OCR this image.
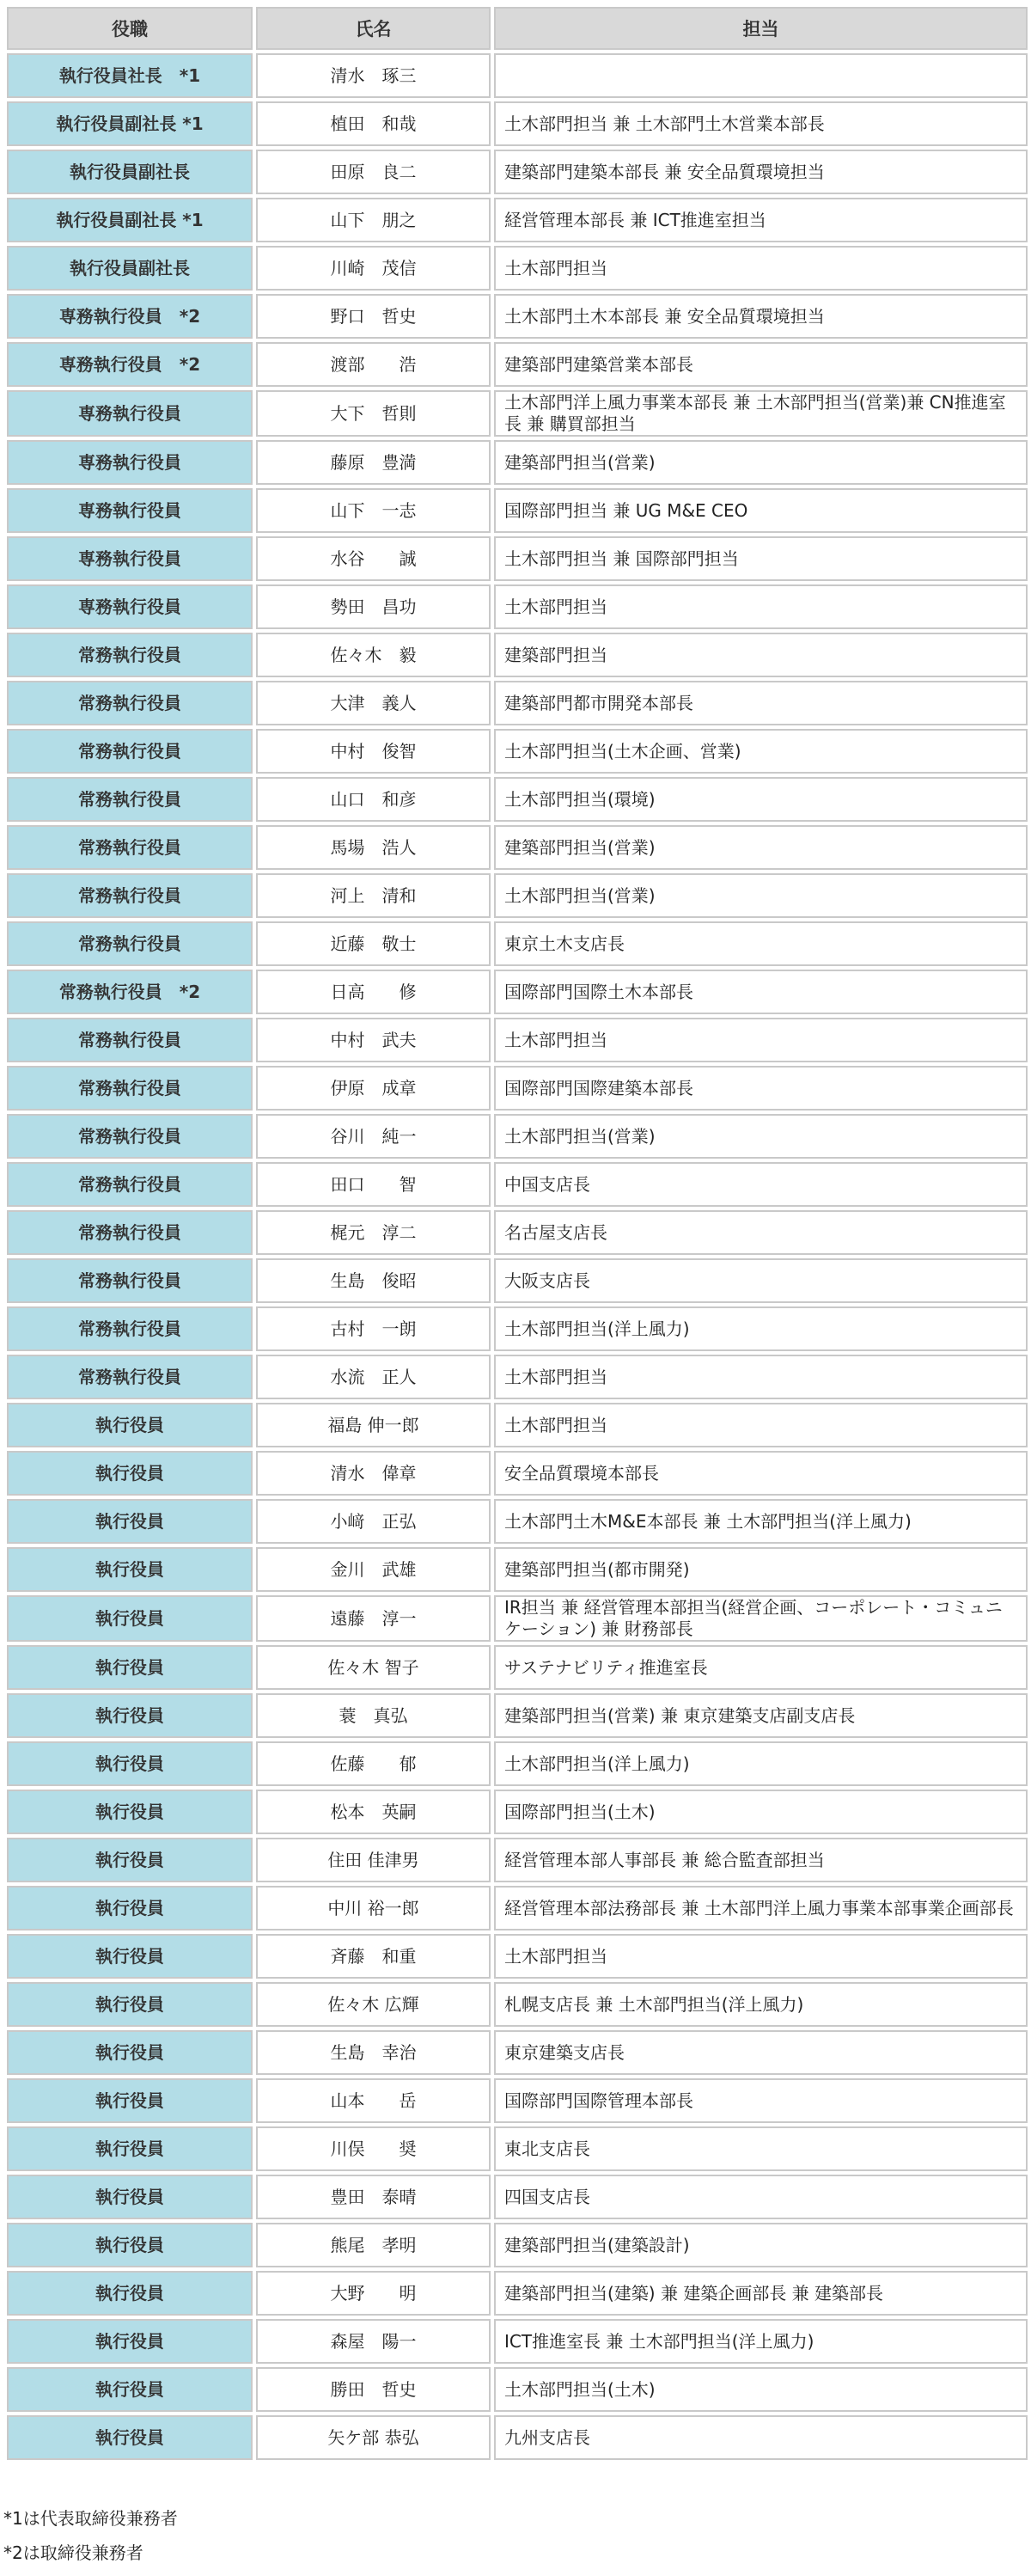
役職	氏名	担当
執行役員社長　*1	清水　琢三	
執行役員副社長 *1	植田　和哉	土木部門担当 兼 土木部門土木営業本部長
執行役員副社長	田原　良二	建築部門建築本部長 兼 安全品質環境担当
執行役員副社長 *1	山下　朋之	経営管理本部長 兼 ICT推進室担当
執行役員副社長	川崎　茂信	土木部門担当
専務執行役員　*2	野口　哲史	土木部門土木本部長 兼 安全品質環境担当
専務執行役員　*2	渡部　　浩	建築部門建築営業本部長
専務執行役員	大下　哲則	土木部門洋上風力事業本部長 兼 土木部門担当(営業)兼 CN推進室長 兼 購買部担当
専務執行役員	藤原　豊満	建築部門担当(営業)
専務執行役員	山下　一志	国際部門担当 兼 UG M&E CEO
専務執行役員	水谷　　誠	土木部門担当 兼 国際部門担当
専務執行役員	勢田　昌功	土木部門担当
常務執行役員	佐々木　毅	建築部門担当
常務執行役員	大津　義人	建築部門都市開発本部長
常務執行役員	中村　俊智	土木部門担当(土木企画、営業)
常務執行役員	山口　和彦	土木部門担当(環境)
常務執行役員	馬場　浩人	建築部門担当(営業)
常務執行役員	河上　清和	土木部門担当(営業)
常務執行役員	近藤　敬士	東京土木支店長
常務執行役員　*2	日高　　修	国際部門国際土木本部長
常務執行役員	中村　武夫	土木部門担当
常務執行役員	伊原　成章	国際部門国際建築本部長
常務執行役員	谷川　純一	土木部門担当(営業)
常務執行役員	田口　　智	中国支店長
常務執行役員	梶元　淳二	名古屋支店長
常務執行役員	生島　俊昭	大阪支店長
常務執行役員	古村　一朗	土木部門担当(洋上風力)
常務執行役員	水流　正人	土木部門担当
執行役員	福島 伸一郎	土木部門担当
執行役員	清水　偉章	安全品質環境本部長
執行役員	小﨑　正弘	土木部門土木M&E本部長 兼 土木部門担当(洋上風力)
執行役員	金川　武雄	建築部門担当(都市開発)
執行役員	遠藤　淳一	IR担当 兼 経営管理本部担当(経営企画、コーポレート・コミュニケーション) 兼 財務部長
執行役員	佐々木 智子	サステナビリティ推進室長
執行役員	蓑　真弘	建築部門担当(営業) 兼 東京建築支店副支店長
執行役員	佐藤　　郁	土木部門担当(洋上風力)
執行役員	松本　英嗣	国際部門担当(土木)
執行役員	住田 佳津男	経営管理本部人事部長 兼 総合監査部担当
執行役員	中川 裕一郎	経営管理本部法務部長 兼 土木部門洋上風力事業本部事業企画部長
執行役員	斉藤　和重	土木部門担当
執行役員	佐々木 広輝	札幌支店長 兼 土木部門担当(洋上風力)
執行役員	生島　幸治	東京建築支店長
執行役員	山本　　岳	国際部門国際管理本部長
執行役員	川俣　　奨	東北支店長
執行役員	豊田　泰晴	四国支店長
執行役員	熊尾　孝明	建築部門担当(建築設計)
執行役員	大野　　明	建築部門担当(建築) 兼 建築企画部長 兼 建築部長
執行役員	森屋　陽一	ICT推進室長 兼 土木部門担当(洋上風力)
執行役員	勝田　哲史	土木部門担当(土木)
執行役員	矢ケ部 恭弘	九州支店長
*1は代表取締役兼務者
*2は取締役兼務者
